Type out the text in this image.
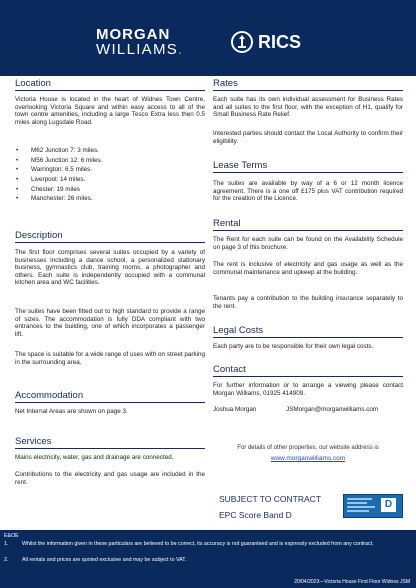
MORGAN
WILLIAMS.	RICS
Location
Victoria House is located in the heart of Widnes Town Centre, overlooking Victoria Square and within easy access to all of the town centre amenities, including a large Tesco Extra less then 0.5 miles along Lugsdale Road.
• M62 Junction 7: 3 miles.
• M56 Junction 12: 6 miles.
• Warrington: 6.5 miles.
• Liverpool: 14 miles.
• Chester: 19 miles
• Manchester: 26 miles.
Description
The first floor comprises several suites occupied by a variety of businesses including a dance school, a personalized stationary business, gymnastics club, training rooms, a photographer and others. Each suite is independently occupied with a communal kitchen area and WC facilities.
The suites have been fitted out to high standard to provide a range of sizes. The accommodation is fully DDA compliant with two entrances to the building, one of which incorporates a passenger lift.
The space is suitable for a wide range of uses with on street parking in the surrounding area.
Accommodation
Net Internal Areas are shown on page 3.
Services
Mains electricity, water, gas and drainage are connected.
Contributions to the electricity and gas usage are included in the rent.
Rates
Each suite has its own individual assessment for Business Rates and all suites to the first floor, with the exception of H1, qualify for Small Business Rate Relief.
Interested parties should contact the Local Authority to confirm their eligibility.
Lease Terms
The suites are available by way of a 6 or 12 month licence agreement. There is a one off £175 plus VAT contribution required for the creation of the Licence.
Rental
The Rent for each suite can be found on the Availability Schedule on page 3 of this brochure.
The rent is inclusive of electricity and gas usage as well as the communal maintenance and upkeep at the building.
Tenants pay a contribution to the building insurance separately to the rent.
Legal Costs
Each party are to be responsible for their own legal costs.
Contact
For further information or to arrange a viewing please contact Morgan Williams, 01925 414909.
Joshua Morgan	JSMorgan@morganwilliams.com
For details of other properties, our website address is
www.morganwilliams.com
SUBJECT TO CONTRACT
EPC Score Band D
D
E&OE
1.	Whilst the information given in these particulars are believed to be correct, its accuracy is not guaranteed and is expressly excluded from any contract.
2.	All rentals and prices are quoted exclusive and may be subject to VAT.
20/04/2023—Victoria House First Floor Widnes JSM
